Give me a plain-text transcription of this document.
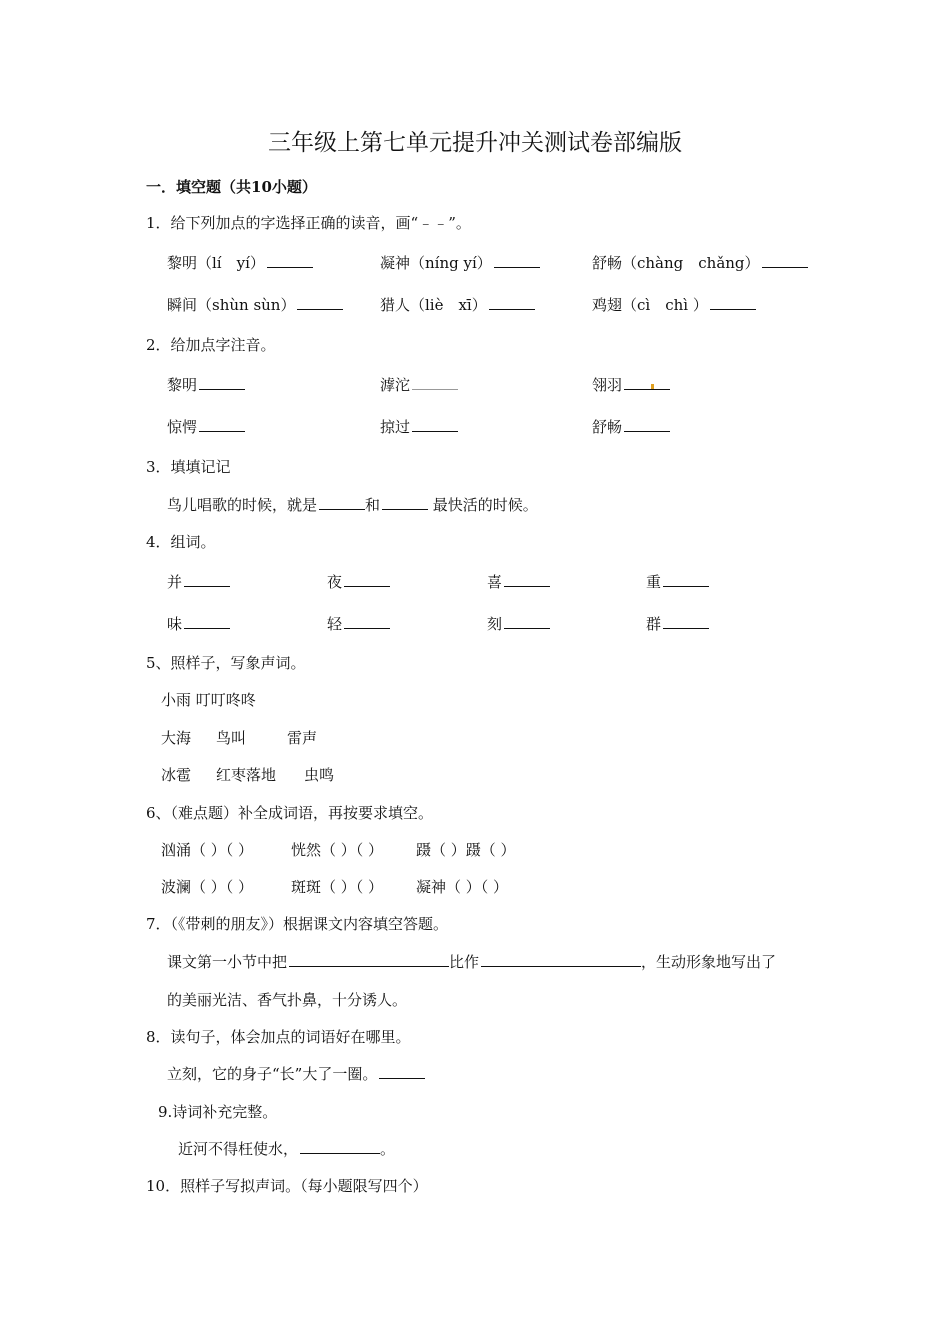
三年级上第七单元提升冲关测试卷部编版
一．填空题（共10小题）
1．给下列加点的字选择正确的读音，画“﹣﹣”。
黎明（lí　yí）	凝神（níng yí）	舒畅（chàng　chǎng）
瞬间（shùn sùn）	猎人（liè　xī）	鸡翅（cì　chì ）
2．给加点字注音。
黎明	滹沱	翎羽
惊愕	掠过	舒畅
3．填填记记
鸟儿唱歌的时候，就是	和	最快活的时候。
4．组词。
并	夜	喜	重
味	轻	刻	群
5、照样子，写象声词。
小雨 叮叮咚咚
大海 鸟叫	雷声
冰雹 红枣落地 虫鸣
6、（难点题）补全成词语，再按要求填空。
汹涌（ ）（ ）	恍然（ ）（ ） 蹑（ ）蹑（ ）
波澜（ ）（ ）	斑斑（ ）（ ） 凝神（ ）（ ）
7．（《带刺的朋友》）根据课文内容填空答题。
课文第一小节中把	比作	，生动形象地写出了
的美丽光洁、香气扑鼻，十分诱人。
8．读句子，体会加点的词语好在哪里。
立刻，它的身子“长”大了一圈。
9.诗词补充完整。
近河不得枉使水，	。
10．照样子写拟声词。（每小题限写四个）
